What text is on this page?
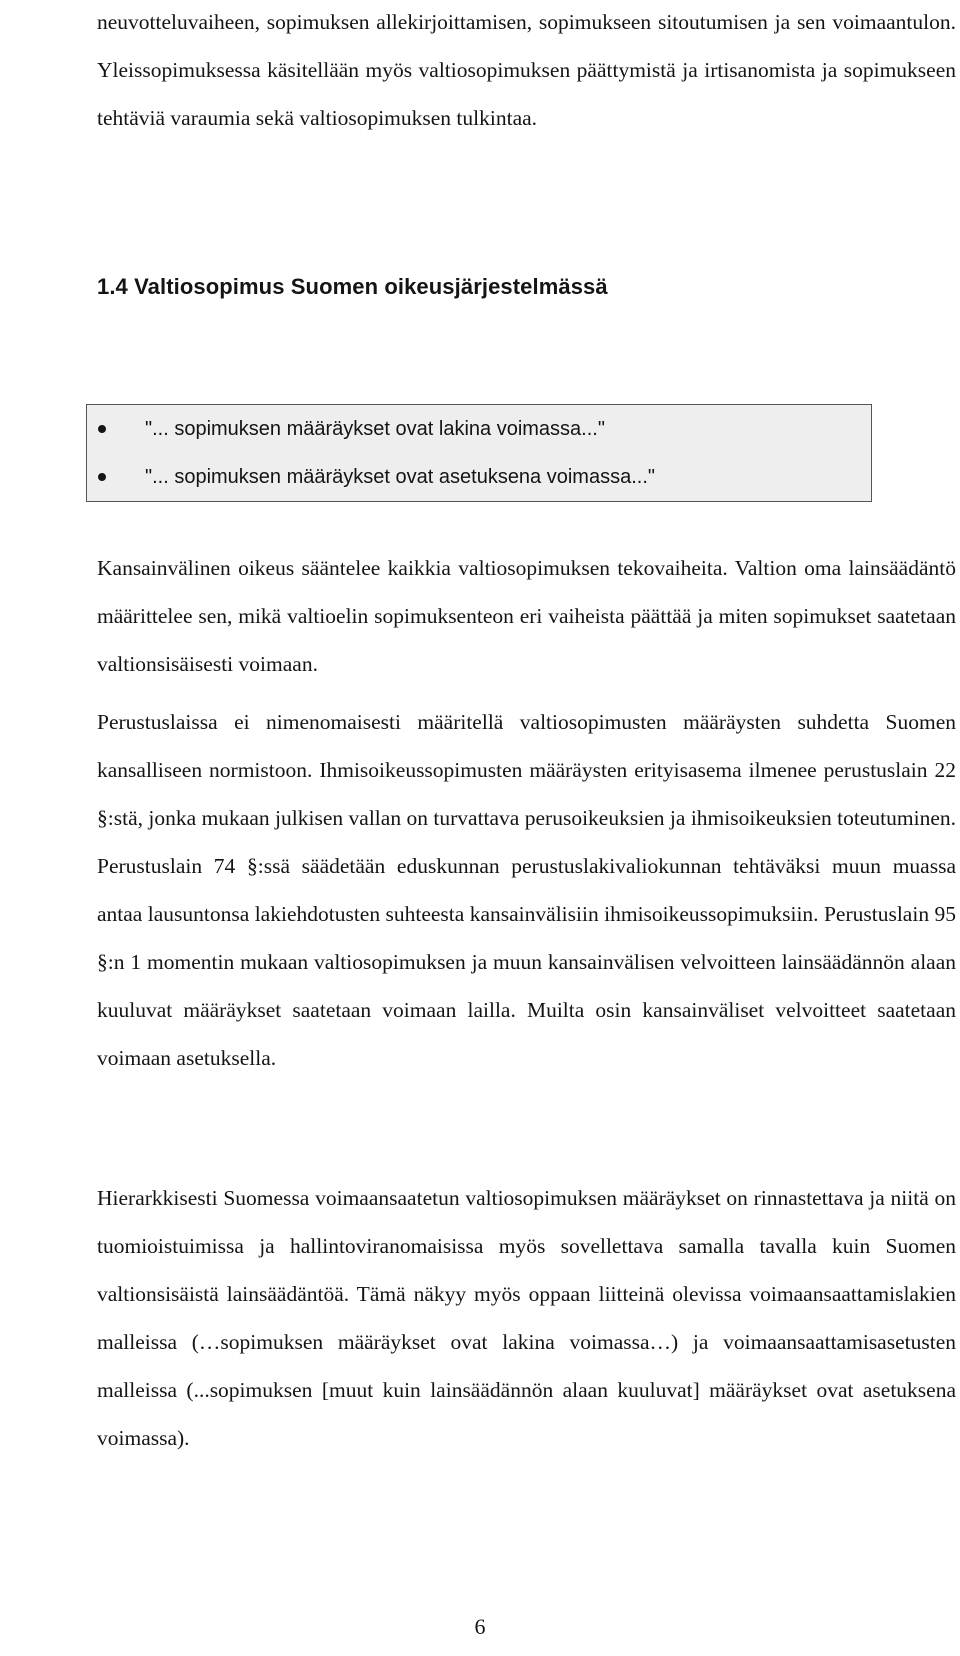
neuvotteluvaiheen, sopimuksen allekirjoittamisen, sopimukseen sitoutumisen ja sen voimaantulon. Yleissopimuksessa käsitellään myös valtiosopimuksen päättymistä ja irtisanomista ja sopimukseen tehtäviä varaumia sekä valtiosopimuksen tulkintaa.

1.4 Valtiosopimus Suomen oikeusjärjestelmässä
"... sopimuksen määräykset ovat lakina voimassa..."
"... sopimuksen määräykset ovat asetuksena voimassa..."

Kansainvälinen oikeus sääntelee kaikkia valtiosopimuksen tekovaiheita. Valtion oma lainsäädäntö määrittelee sen, mikä valtioelin sopimuksenteon eri vaiheista päättää ja miten sopimukset saatetaan valtionsisäisesti voimaan.

Perustuslaissa ei nimenomaisesti määritellä valtiosopimusten määräysten suhdetta Suomen kansalliseen normistoon. Ihmisoikeussopimusten määräysten erityisasema ilmenee perustuslain 22 §:stä, jonka mukaan julkisen vallan on turvattava perusoikeuksien ja ihmisoikeuksien toteutuminen. Perustuslain 74 §:ssä säädetään eduskunnan perustuslakivaliokunnan tehtäväksi muun muassa antaa lausuntonsa lakiehdotusten suhteesta kansainvälisiin ihmisoikeussopimuksiin. Perustuslain 95 §:n 1 momentin mukaan valtiosopimuksen ja muun kansainvälisen velvoitteen lainsäädännön alaan kuuluvat määräykset saatetaan voimaan lailla. Muilta osin kansainväliset velvoitteet saatetaan voimaan asetuksella.

Hierarkkisesti Suomessa voimaansaatetun valtiosopimuksen määräykset on rinnastettava ja niitä on tuomioistuimissa ja hallintoviranomaisissa myös sovellettava samalla tavalla kuin Suomen valtionsisäistä lainsäädäntöä. Tämä näkyy myös oppaan liitteinä olevissa voimaansaattamislakien malleissa (…sopimuksen määräykset ovat lakina voimassa…) ja voimaansaattamisasetusten malleissa (...sopimuksen [muut kuin lainsäädännön alaan kuuluvat] määräykset ovat asetuksena voimassa).

6
